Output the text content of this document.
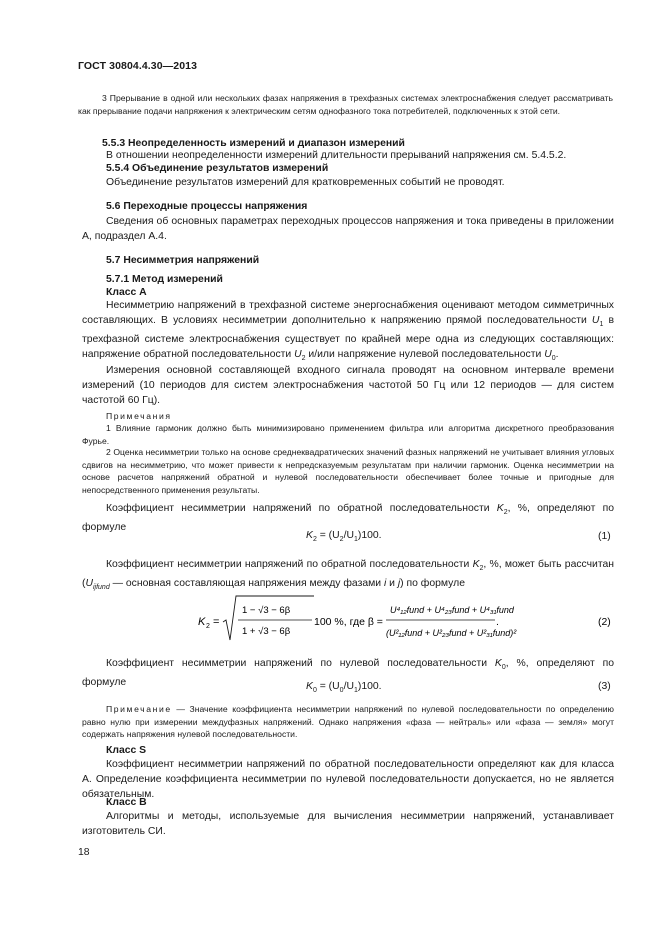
ГОСТ 30804.4.30—2013
3 Прерывание в одной или нескольких фазах напряжения в трехфазных системах электроснабжения следует рассматривать как прерывание подачи напряжения к электрическим сетям однофазного тока потребителей, подключенных к этой сети.
5.5.3 Неопределенность измерений и диапазон измерений
В отношении неопределенности измерений длительности прерываний напряжения см. 5.4.5.2.
5.5.4 Объединение результатов измерений
Объединение результатов измерений для кратковременных событий не проводят.
5.6 Переходные процессы напряжения
Сведения об основных параметрах переходных процессов напряжения и тока приведены в приложении А, подраздел А.4.
5.7 Несимметрия напряжений
5.7.1 Метод измерений
Класс А
Несимметрию напряжений в трехфазной системе энергоснабжения оценивают методом симметричных составляющих. В условиях несимметрии дополнительно к напряжению прямой последовательности $U_1$ в трехфазной системе электроснабжения существует по крайней мере одна из следующих составляющих: напряжение обратной последовательности $U_2$ и/или напряжение нулевой последовательности $U_0$.
Измерения основной составляющей входного сигнала проводят на основном интервале времени измерений (10 периодов для систем электроснабжения частотой 50 Гц или 12 периодов — для систем частотой 60 Гц).
Примечания
1 Влияние гармоник должно быть минимизировано применением фильтра или алгоритма дискретного преобразования Фурье.
2 Оценка несимметрии только на основе среднеквадратических значений фазных напряжений не учитывает влияния угловых сдвигов на несимметрию, что может привести к непредсказуемым результатам при наличии гармоник. Оценка несимметрии на основе расчетов напряжений обратной и нулевой последовательности обеспечивает более точные и пригодные для непосредственного применения результаты.
Коэффициент несимметрии напряжений по обратной последовательности $K_2$, %, определяют по формуле
$K_2 = (U_2/U_1)100$.	(1)
Коэффициент несимметрии напряжений по обратной последовательности $K_2$, %, может быть рассчитан ($U_{ijfund}$ — основная составляющая напряжения между фазами i и j) по формуле
K 2 =
1 − √3 − 6β
1 + √3 − 6β
100 %, где β =
U⁴₁₂fund + U⁴₂₃fund + U⁴₃₁fund
(U²₁₂fund + U²₂₃fund + U²₃₁fund)²
.	(2)
Коэффициент несимметрии напряжений по нулевой последовательности $K_0$, %, определяют по формуле	$K_0 = (U_0/U_1)100$.	(3)
Примечание — Значение коэффициента несимметрии напряжений по нулевой последовательности по определению равно нулю при измерении междуфазных напряжений. Однако напряжения «фаза — нейтраль» или «фаза — земля» могут содержать напряжения нулевой последовательности.
Класс S
Коэффициент несимметрии напряжений по обратной последовательности определяют как для класса А. Определение коэффициента несимметрии по нулевой последовательности допускается, но не является обязательным.
Класс В
Алгоритмы и методы, используемые для вычисления несимметрии напряжений, устанавливает изготовитель СИ.
18
